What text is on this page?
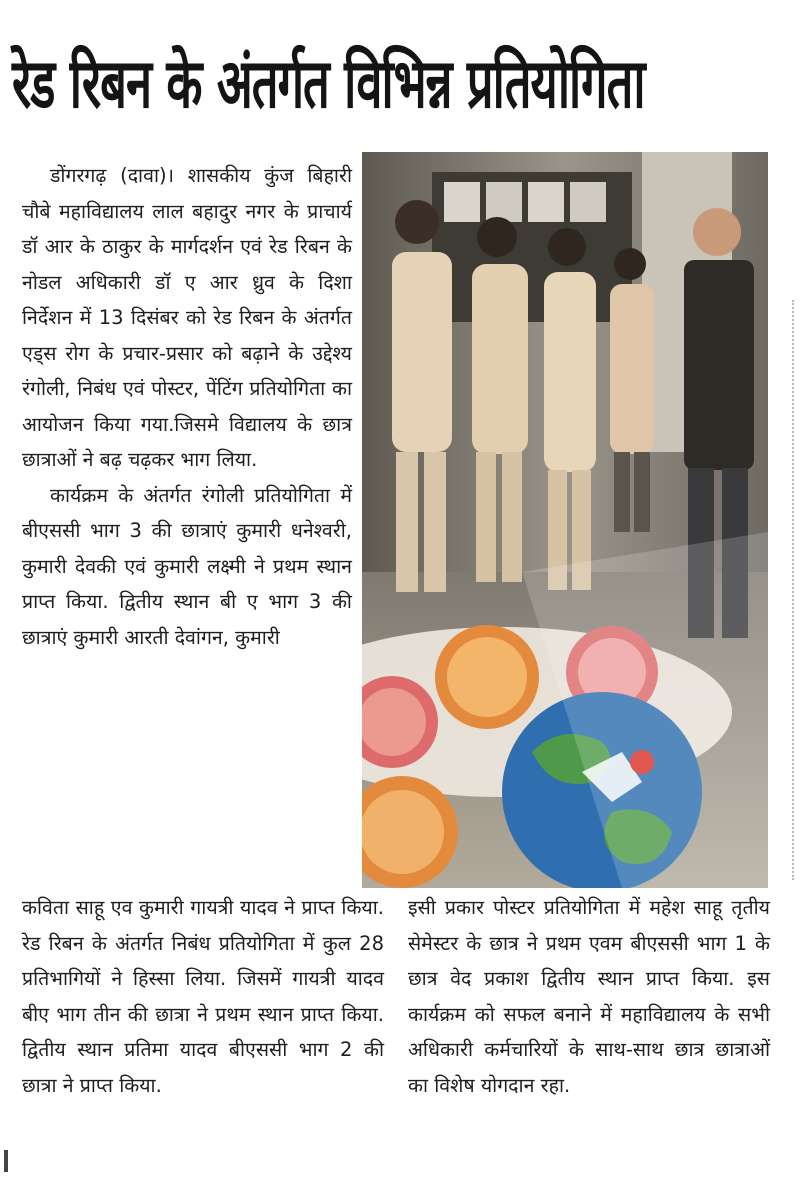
रेड रिबन के अंतर्गत विभिन्न प्रतियोगिता

डोंगरगढ़ (दावा)। शासकीय कुंज बिहारी चौबे महाविद्यालय लाल बहादुर नगर के प्राचार्य डॉ आर के ठाकुर के मार्गदर्शन एवं रेड रिबन के नोडल अधिकारी डॉ ए आर ध्रुव के दिशा निर्देशन में 13 दिसंबर को रेड रिबन के अंतर्गत एड्स रोग के प्रचार-प्रसार को बढ़ाने के उद्देश्य रंगोली, निबंध एवं पोस्टर, पेंटिंग प्रतियोगिता का आयोजन किया गया.जिसमे विद्यालय के छात्र छात्राओं ने बढ़ चढ़कर भाग लिया.

कार्यक्रम के अंतर्गत रंगोली प्रतियोगिता में बीएससी भाग 3 की छात्राएं कुमारी धनेश्वरी, कुमारी देवकी एवं कुमारी लक्ष्मी ने प्रथम स्थान प्राप्त किया. द्वितीय स्थान बी ए भाग 3 की छात्राएं कुमारी आरती देवांगन, कुमारी

कविता साहू एव कुमारी गायत्री यादव ने प्राप्त किया. रेड रिबन के अंतर्गत निबंध प्रतियोगिता में कुल 28 प्रतिभागियों ने हिस्सा लिया. जिसमें गायत्री यादव बीए भाग तीन की छात्रा ने प्रथम स्थान प्राप्त किया. द्वितीय स्थान प्रतिमा यादव बीएससी भाग 2 की छात्रा ने प्राप्त किया.

इसी प्रकार पोस्टर प्रतियोगिता में महेश साहू तृतीय सेमेस्टर के छात्र ने प्रथम एवम बीएससी भाग 1 के छात्र वेद प्रकाश द्वितीय स्थान प्राप्त किया. इस कार्यक्रम को सफल बनाने में महाविद्यालय के सभी अधिकारी कर्मचारियों के साथ-साथ छात्र छात्राओं का विशेष योगदान रहा.
